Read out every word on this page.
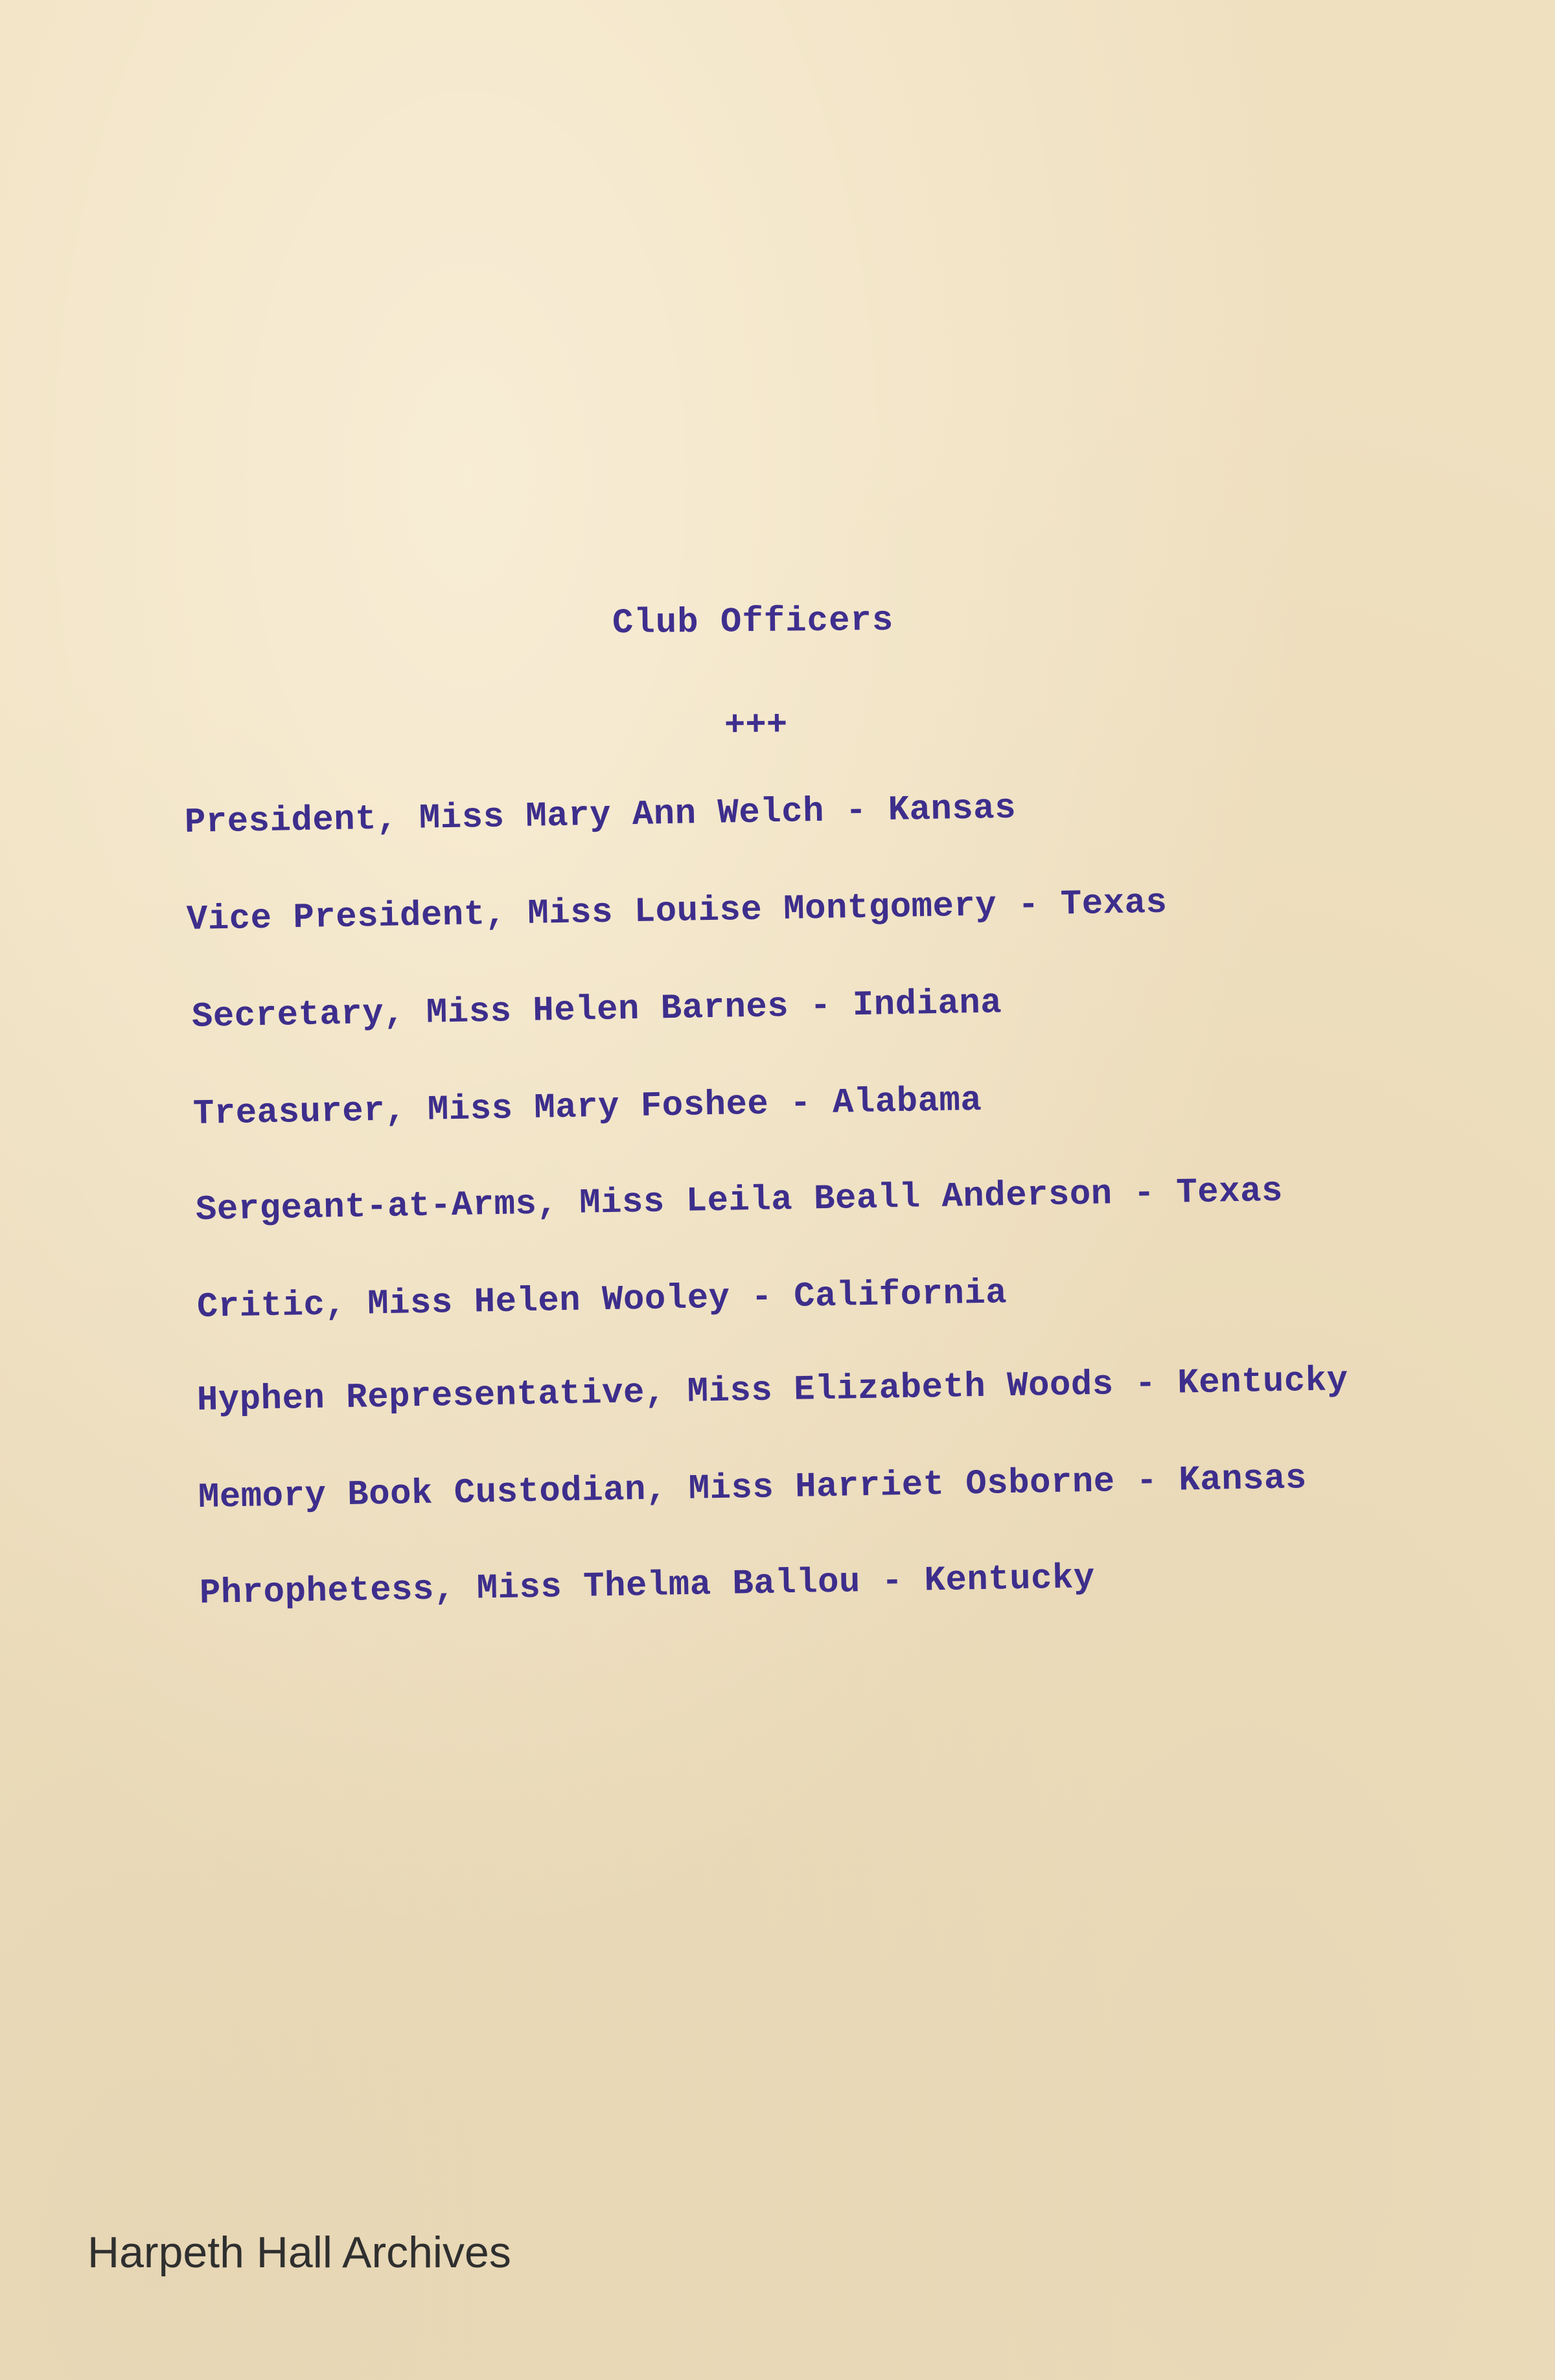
Club Officers
+++
President, Miss Mary Ann Welch - Kansas
Vice President, Miss Louise Montgomery - Texas
Secretary, Miss Helen Barnes - Indiana
Treasurer, Miss Mary Foshee - Alabama
Sergeant-at-Arms, Miss Leila Beall Anderson - Texas
Critic, Miss Helen Wooley - California
Hyphen Representative, Miss Elizabeth Woods - Kentucky
Memory Book Custodian, Miss Harriet Osborne - Kansas
Phrophetess, Miss Thelma Ballou - Kentucky
Harpeth Hall Archives
